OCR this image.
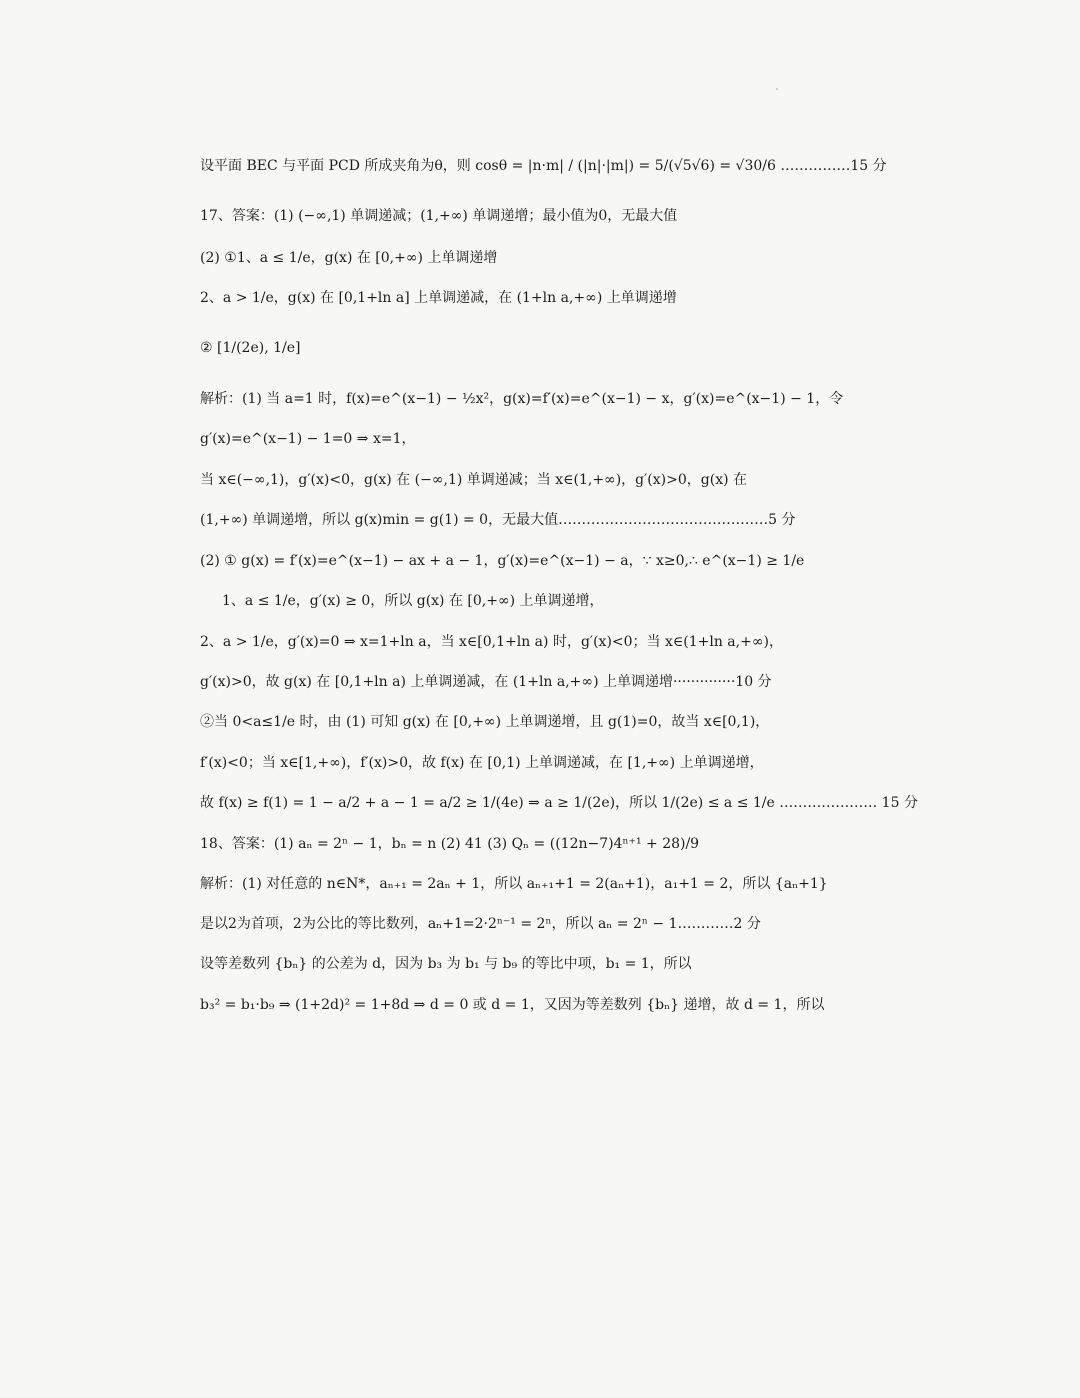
设平面 BEC 与平面 PCD 所成夹角为θ，则 cosθ = |n·m| / (|n|·|m|) = 5/(√5√6) = √30/6 ……………15 分
17、答案：(1) (−∞,1) 单调递减；(1,+∞) 单调递增；最小值为0，无最大值
(2) ①1、a ≤ 1/e，g(x) 在 [0,+∞) 上单调递增
2、a > 1/e，g(x) 在 [0,1+ln a] 上单调递减，在 (1+ln a,+∞) 上单调递增
② [1/(2e), 1/e]
解析：(1) 当 a=1 时，f(x)=e^(x−1) − ½x²，g(x)=f′(x)=e^(x−1) − x，g′(x)=e^(x−1) − 1，令
g′(x)=e^(x−1) − 1=0 ⇒ x=1，
当 x∈(−∞,1)，g′(x)<0，g(x) 在 (−∞,1) 单调递减；当 x∈(1,+∞)，g′(x)>0，g(x) 在
(1,+∞) 单调递增，所以 g(x)min = g(1) = 0，无最大值………………………………………5 分
(2) ① g(x) = f′(x)=e^(x−1) − ax + a − 1，g′(x)=e^(x−1) − a，∵ x≥0,∴ e^(x−1) ≥ 1/e
1、a ≤ 1/e，g′(x) ≥ 0，所以 g(x) 在 [0,+∞) 上单调递增，
2、a > 1/e，g′(x)=0 ⇒ x=1+ln a，当 x∈[0,1+ln a) 时，g′(x)<0；当 x∈(1+ln a,+∞)，
g′(x)>0，故 g(x) 在 [0,1+ln a) 上单调递减，在 (1+ln a,+∞) 上单调递增··············10 分
②当 0<a≤1/e 时，由 (1) 可知 g(x) 在 [0,+∞) 上单调递增，且 g(1)=0，故当 x∈[0,1)，
f′(x)<0；当 x∈[1,+∞)，f′(x)>0，故 f(x) 在 [0,1) 上单调递减，在 [1,+∞) 上单调递增，
故 f(x) ≥ f(1) = 1 − a/2 + a − 1 = a/2 ≥ 1/(4e) ⇒ a ≥ 1/(2e)，所以 1/(2e) ≤ a ≤ 1/e ………………… 15 分
18、答案：(1) aₙ = 2ⁿ − 1，bₙ = n (2) 41 (3) Qₙ = ((12n−7)4ⁿ⁺¹ + 28)/9
解析：(1) 对任意的 n∈N*，aₙ₊₁ = 2aₙ + 1，所以 aₙ₊₁+1 = 2(aₙ+1)，a₁+1 = 2，所以 {aₙ+1}
是以2为首项，2为公比的等比数列，aₙ+1=2·2ⁿ⁻¹ = 2ⁿ，所以 aₙ = 2ⁿ − 1…………2 分
设等差数列 {bₙ} 的公差为 d，因为 b₃ 为 b₁ 与 b₉ 的等比中项，b₁ = 1，所以
b₃² = b₁·b₉ ⇒ (1+2d)² = 1+8d ⇒ d = 0 或 d = 1，又因为等差数列 {bₙ} 递增，故 d = 1，所以
